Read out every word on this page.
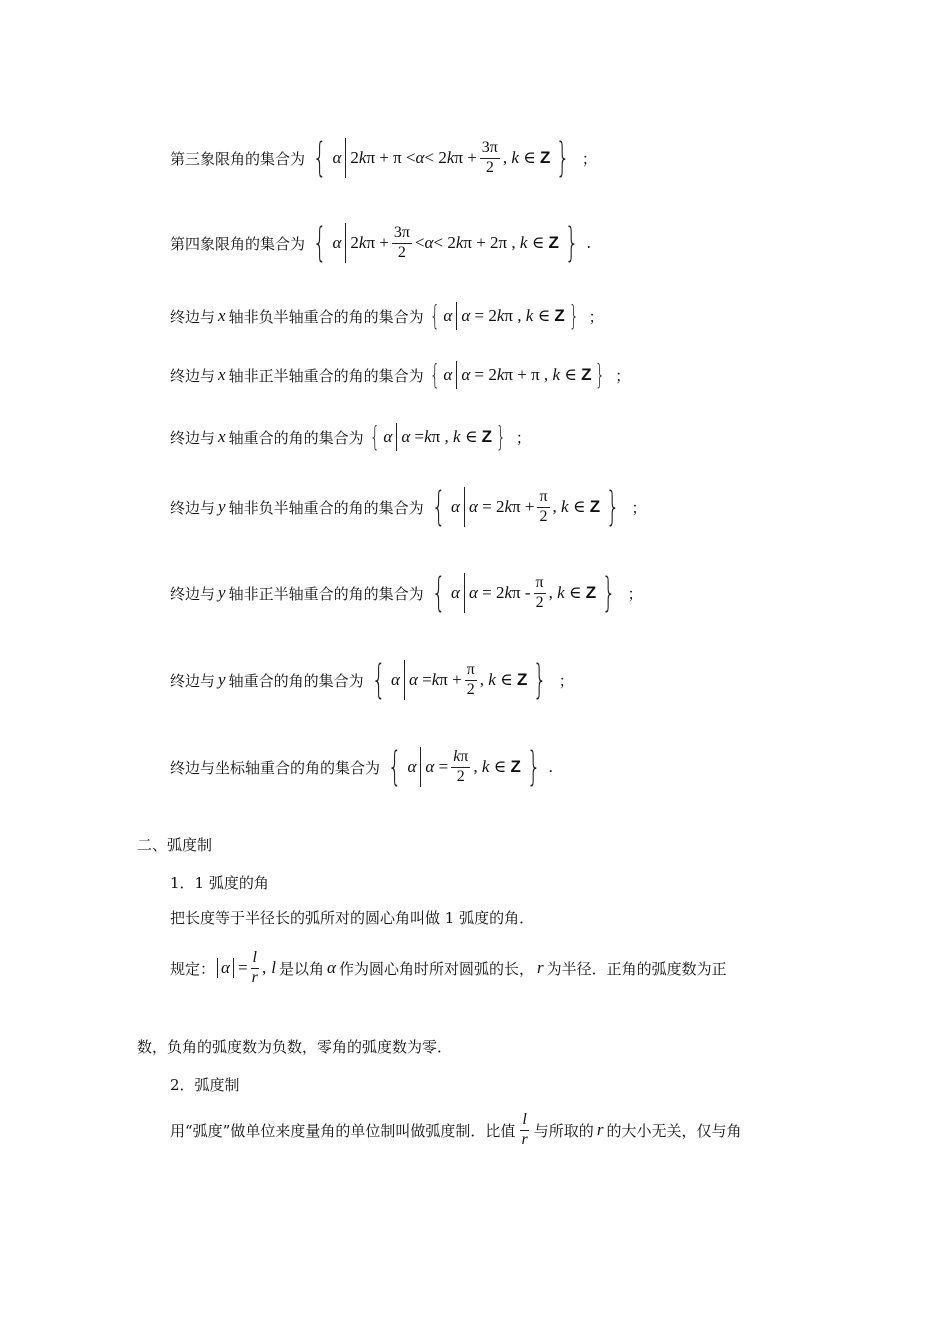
第三象限角的集合为 { α 2 k π + π < α < 2 k $\pi + \frac{3\pi}{2}$ , k ∈ Z } ；
第四象限角的集合为 { α 2 k $\pi + \frac{3\pi}{2} < \alpha < 2$ k π + 2π , k ∈ Z } .
终边与 x 轴非负半轴重合的角的集合为 { α α = 2 k π , k ∈ Z } ；
终边与 x 轴非正半轴重合的角的集合为 { α α = 2 k π + π , k ∈ Z } ；
终边与 x 轴重合的角的集合为 { α α = k π , k ∈ Z } ；
终边与 y 轴非负半轴重合的角的集合为 { α α = 2 k $\pi + \frac{\pi}{2}$ , k ∈ Z } ；
终边与 y 轴非正半轴重合的角的集合为 { α α = 2 k π - $\frac{\pi}{2}$ , k ∈ Z } ；
终边与 y 轴重合的角的集合为 { α α = k $\pi + \frac{\pi}{2}$ , k ∈ Z } ；
终边与坐标轴重合的角的集合为 { α $\alpha = \frac{k\pi}{2}$ , k ∈ Z } .
二、弧度制
1．1 弧度的角
把长度等于半径长的弧所对的圆心角叫做 1 弧度的角．
规定： $\alpha = \frac{l}{r}$ , l 是以角 α 作为圆心角时所对圆弧的长， r 为半径．正角的弧度数为正
数，负角的弧度数为负数，零角的弧度数为零．
2．弧度制
用“弧度”做单位来度量角的单位制叫做弧度制．比值 $\frac{l}{r}$ 与所取的 r 的大小无关，仅与角
